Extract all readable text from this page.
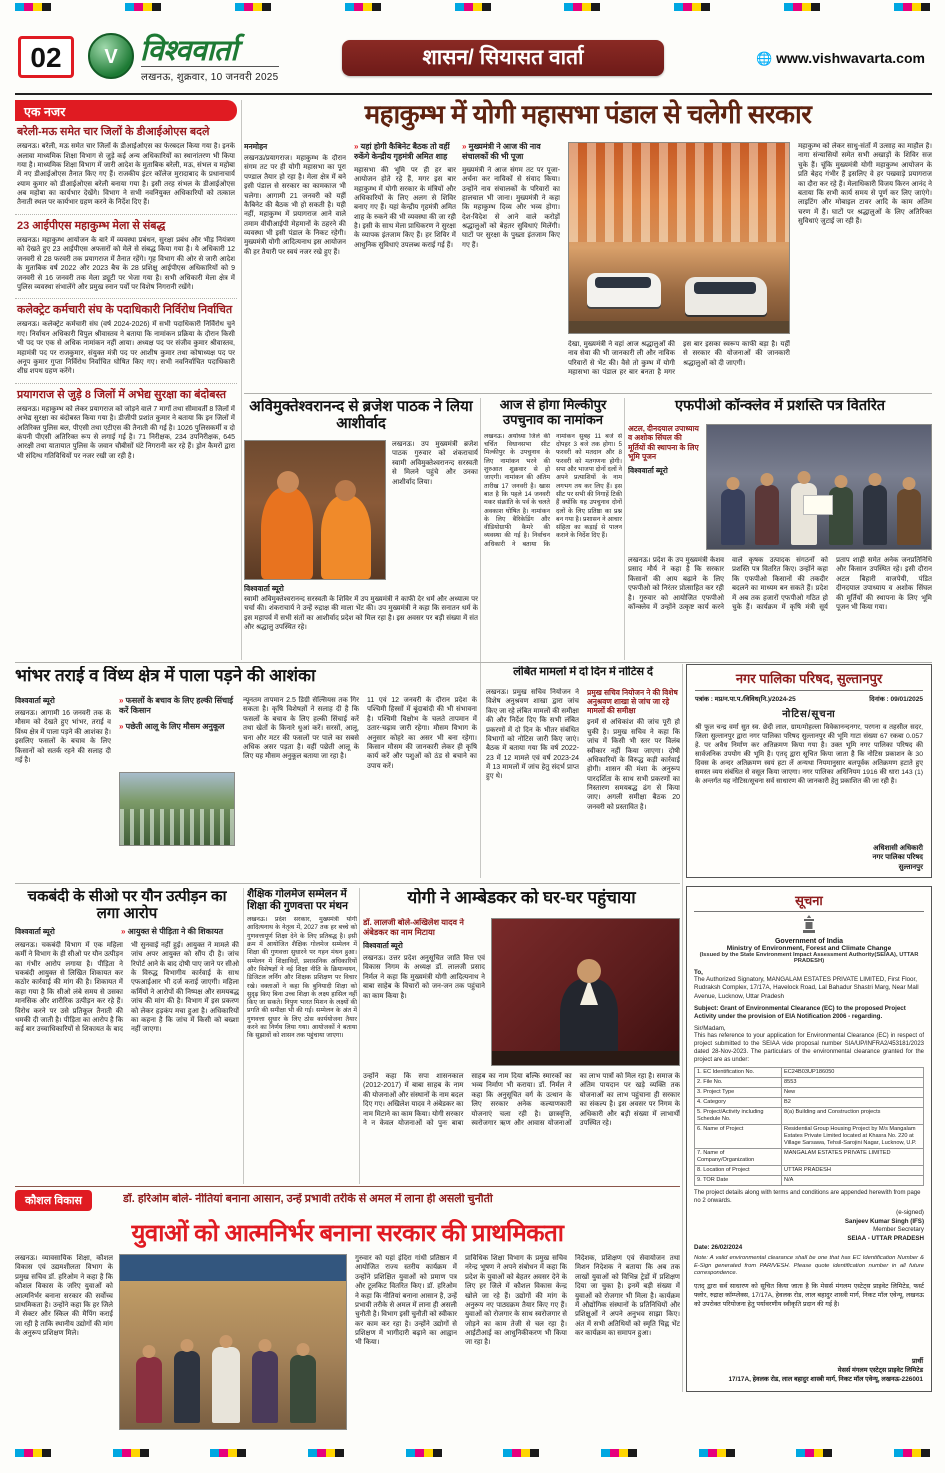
02	V विश्ववार्ता
लखनऊ, शुक्रवार, 10 जनवरी 2025
शासन/ सियासत वार्ता	🌐 www.vishwavarta.com
एक नजर
बरेली-मऊ समेत चार जिलों के डीआईओएस बदले
लखनऊ। बरेली, मऊ समेत चार जिलों के डीआईओएस का फेरबदल किया गया है। इनके अलावा माध्यमिक शिक्षा विभाग से जुड़े कई अन्य अधिकारियों का स्थानांतरण भी किया गया है। माध्यमिक शिक्षा विभाग में जारी आदेश के मुताबिक बरेली, मऊ, संभल व महोबा में नए डीआईओएस तैनात किए गए हैं। राजकीय इंटर कॉलेज मुरादाबाद के प्रधानाचार्य श्याम कुमार को डीआईओएस बरेली बनाया गया है। इसी तरह संभल के डीआईओएस अब महोबा का कार्यभार देखेंगे। विभाग ने सभी नवनियुक्त अधिकारियों को तत्काल तैनाती स्थल पर कार्यभार ग्रहण करने के निर्देश दिए हैं।
23 आईपीएस महाकुम्भ मेला से संबद्ध
लखनऊ। महाकुम्भ आयोजन के बारे में व्यवस्था प्रबंधन, सुरक्षा प्रबंध और भीड़ नियंत्रण को देखते हुए 23 आईपीएस अफसरों को मेले से संबद्ध किया गया है। ये अधिकारी 12 जनवरी से 28 फरवरी तक प्रयागराज में तैनात रहेंगे। गृह विभाग की ओर से जारी आदेश के मुताबिक वर्ष 2022 और 2023 बैच के 28 प्रशिक्षु आईपीएस अधिकारियों को 9 जनवरी से 16 जनवरी तक मेला ड्यूटी पर भेजा गया है। सभी अधिकारी मेला क्षेत्र में पुलिस व्यवस्था संभालेंगे और प्रमुख स्नान पर्वों पर विशेष निगरानी रखेंगे।
कलेक्ट्रेट कर्मचारी संघ के पदाधिकारी निर्विरोध निर्वाचित
लखनऊ। कलेक्ट्रेट कर्मचारी संघ (वर्ष 2024-2026) में सभी पदाधिकारी निर्विरोध चुने गए। निर्वाचन अधिकारी विपुल श्रीवास्तव ने बताया कि नामांकन प्रक्रिया के दौरान किसी भी पद पर एक से अधिक नामांकन नहीं आया। अध्यक्ष पद पर संजीव कुमार श्रीवास्तव, महामंत्री पद पर राजकुमार, संयुक्त मंत्री पद पर आशीष कुमार तथा कोषाध्यक्ष पद पर अनूप कुमार गुप्ता निर्विरोध निर्वाचित घोषित किए गए। सभी नवनिर्वाचित पदाधिकारी शीघ्र शपथ ग्रहण करेंगे।
प्रयागराज से जुड़े 8 जिलों में अभेद्य सुरक्षा का बंदोबस्त
लखनऊ। महाकुम्भ को लेकर प्रयागराज को जोड़ने वाले 7 मार्गों तथा सीमावर्ती 8 जिलों में अभेद्य सुरक्षा का बंदोबस्त किया गया है। डीजीपी प्रशांत कुमार ने बताया कि इन जिलों में अतिरिक्त पुलिस बल, पीएसी तथा एटीएस की तैनाती की गई है। 1026 पुलिसकर्मी व दो कंपनी पीएसी अतिरिक्त रूप से लगाई गई है। 71 निरीक्षक, 234 उपनिरीक्षक, 645 आरक्षी तथा यातायात पुलिस के जवान चौबीसों घंटे निगरानी कर रहे हैं। ड्रोन कैमरों द्वारा भी संदिग्ध गतिविधियों पर नजर रखी जा रही है।
महाकुम्भ में योगी महासभा पंडाल से चलेगी सरकार
मनमोहन
लखनऊ/प्रयागराज। महाकुम्भ के दौरान संगम तट पर ही योगी महासभा का पूरा पण्डाल तैयार हो रहा है। मेला क्षेत्र में बने इसी पंडाल से सरकार का कामकाज भी चलेगा। आगामी 21 जनवरी को यहीं कैबिनेट की बैठक भी हो सकती है। यही नहीं, महाकुम्भ में प्रयागराज आने वाले तमाम वीवीआईपी मेहमानों के ठहरने की व्यवस्था भी इसी पंडाल के निकट रहेगी। मुख्यमंत्री योगी आदित्यनाथ इस आयोजन की हर तैयारी पर स्वयं नजर रखे हुए हैं।
» यहां होगी कैबिनेट बैठक तो वहीं रुकेंगे केन्द्रीय गृहमंत्री अमित शाह
महासभा की भूमि पर ही हर बार आयोजन होते रहे हैं, मगर इस बार महाकुम्भ में योगी सरकार के मंत्रियों और अधिकारियों के लिए अलग से शिविर बनाए गए हैं। यहां केन्द्रीय गृहमंत्री अमित शाह के रुकने की भी व्यवस्था की जा रही है। इसी के साथ मेला प्राधिकरण ने सुरक्षा के व्यापक इंतजाम किए हैं। हर शिविर में आधुनिक सुविधाएं उपलब्ध कराई गई हैं।
» मुख्यमंत्री ने आज की नाव संचालकों की भी पूजा
मुख्यमंत्री ने आज संगम तट पर पूजा-अर्चना कर नाविकों से संवाद किया। उन्होंने नाव संचालकों के परिवारों का हालचाल भी जाना। मुख्यमंत्री ने कहा कि महाकुम्भ दिव्य और भव्य होगा। देश-विदेश से आने वाले करोड़ों श्रद्धालुओं को बेहतर सुविधाएं मिलेंगी। घाटों पर सुरक्षा के पुख्ता इंतजाम किए गए हैं।
महाकुम्भ को लेकर साधु-संतों में उत्साह का माहौल है। नागा संन्यासियों समेत सभी अखाड़ों के शिविर सज चुके हैं। चूंकि मुख्यमंत्री योगी महाकुम्भ आयोजन के प्रति बेहद गंभीर हैं इसलिए वे हर पखवाड़े प्रयागराज का दौरा कर रहे हैं। मेलाधिकारी विजय किरन आनंद ने बताया कि सभी कार्य समय से पूर्ण कर लिए जाएंगे। लाइटिंग और मोबाइल टावर आदि के काम अंतिम चरण में हैं। घाटों पर श्रद्धालुओं के लिए अतिरिक्त सुविधाएं जुटाई जा रही हैं।
देखा, मुख्यमंत्री ने वहां आज श्रद्धालुओं की नाव सेवा की भी जानकारी ली और नाविक परिवारों से भेंट की। वैसे तो कुम्भ में योगी महासभा का पंडाल हर बार बनता है मगर इस बार इसका स्वरूप काफी बड़ा है। यहीं से सरकार की योजनाओं की जानकारी श्रद्धालुओं को दी जाएगी।
अविमुक्तेश्वरानन्द से ब्रजेश पाठक ने लिया आशीर्वाद
लखनऊ। उप मुख्यमंत्री ब्रजेश पाठक गुरुवार को शंकराचार्य स्वामी अविमुक्तेश्वरानन्द सरस्वती से मिलने पहुंचे और उनका आशीर्वाद लिया।
विश्ववार्ता ब्यूरो
स्वामी अविमुक्तेश्वरानन्द सरस्वती के शिविर में उप मुख्यमंत्री ने काफी देर धर्म और अध्यात्म पर चर्चा की। शंकराचार्य ने उन्हें रुद्राक्ष की माला भेंट की। उप मुख्यमंत्री ने कहा कि सनातन धर्म के इस महापर्व में सभी संतों का आशीर्वाद प्रदेश को मिल रहा है। इस अवसर पर बड़ी संख्या में संत और श्रद्धालु उपस्थित रहे।
आज से होगा मिल्कीपुर उपचुनाव का नामांकन
लखनऊ। अयोध्या जिले की चर्चित विधानसभा सीट मिल्कीपुर के उपचुनाव के लिए नामांकन भरने की शुरुआत शुक्रवार से हो जाएगी। नामांकन की अंतिम तारीख 17 जनवरी है। खास बात है कि पहले 14 जनवरी मकर संक्रांति के पर्व के चलते अवकाश घोषित है। नामांकन के लिए बैरिकेडिंग और वीडियोग्राफी कैमरे की व्यवस्था की गई है। निर्वाचन अधिकारी ने बताया कि नामांकन सुबह 11 बजे से दोपहर 3 बजे तक होगा। 5 फरवरी को मतदान और 8 फरवरी को मतगणना होगी। सपा और भाजपा दोनों दलों ने अपने प्रत्याशियों के नाम लगभग तय कर लिए हैं। इस सीट पर सभी की निगाहें टिकी हैं क्योंकि यह उपचुनाव दोनों दलों के लिए प्रतिष्ठा का प्रश्न बन गया है। प्रशासन ने आचार संहिता का कड़ाई से पालन कराने के निर्देश दिए हैं।
एफपीओ कॉन्क्लेव में प्रशस्ति पत्र वितरित
अटल, दीनदयाल उपाध्याय व अशोक सिंघल की मूर्तियों की स्थापना के लिए भूमि पूजन
विश्ववार्ता ब्यूरो
लखनऊ। प्रदेश के उप मुख्यमंत्री केशव प्रसाद मौर्य ने कहा है कि सरकार किसानों की आय बढ़ाने के लिए एफपीओ को निरंतर प्रोत्साहित कर रही है। गुरुवार को आयोजित एफपीओ कॉन्क्लेव में उन्होंने उत्कृष्ट कार्य करने वाले कृषक उत्पादक संगठनों को प्रशस्ति पत्र वितरित किए। उन्होंने कहा कि एफपीओ किसानों की तकदीर बदलने का माध्यम बन सकते हैं। प्रदेश में अब तक हजारों एफपीओ गठित हो चुके हैं। कार्यक्रम में कृषि मंत्री सूर्य प्रताप शाही समेत अनेक जनप्रतिनिधि और किसान उपस्थित रहे। इसी दौरान अटल बिहारी वाजपेयी, पंडित दीनदयाल उपाध्याय व अशोक सिंघल की मूर्तियों की स्थापना के लिए भूमि पूजन भी किया गया।
भांभर तराई व विंध्य क्षेत्र में पाला पड़ने की आशंका
विश्ववार्ता ब्यूरो
लखनऊ। आगामी 16 जनवरी तक के मौसम को देखते हुए भांभर, तराई व विंध्य क्षेत्र में पाला पड़ने की आशंका है। इसलिए फसलों के बचाव के लिए किसानों को सतर्क रहने की सलाह दी गई है।
» फसलों के बचाव के लिए हल्की सिंचाई करें किसान
» पछेती आलू के लिए मौसम अनुकूल
न्यूनतम तापमान 2.5 डिग्री सेल्सियस तक गिर सकता है। कृषि विशेषज्ञों ने सलाह दी है कि फसलों के बचाव के लिए हल्की सिंचाई करें तथा खेतों के किनारे धुआं करें। सरसों, आलू, चना और मटर की फसलों पर पाले का सबसे अधिक असर पड़ता है। वहीं पछेती आलू के लिए यह मौसम अनुकूल बताया जा रहा है।
11 एवं 12 जनवरी के दौरान प्रदेश के पश्चिमी हिस्सों में बूंदाबांदी की भी संभावना है। पश्चिमी विक्षोभ के चलते तापमान में उतार-चढ़ाव जारी रहेगा। मौसम विभाग के अनुसार कोहरे का असर भी बना रहेगा। किसान मौसम की जानकारी लेकर ही कृषि कार्य करें और पशुओं को ठंड से बचाने का उपाय करें।
लंबित मामलों में दो दिन में नोटिस दें
लखनऊ। प्रमुख सचिव नियोजन ने विशेष अनुश्रवण शाखा द्वारा जांच किए जा रहे लंबित मामलों की समीक्षा की और निर्देश दिए कि सभी लंबित प्रकरणों में दो दिन के भीतर संबंधित विभागों को नोटिस जारी किए जाएं। बैठक में बताया गया कि वर्ष 2022-23 में 12 मामले एवं वर्ष 2023-24 में 13 मामलों में जांच हेतु संदर्भ प्राप्त हुए थे।
प्रमुख सचिव नियोजन ने की विशेष अनुश्रवण शाखा से जांच जा रहे मामलों की समीक्षा
इनमें से अधिकांश की जांच पूरी हो चुकी है। प्रमुख सचिव ने कहा कि जांच में किसी भी स्तर पर विलंब स्वीकार नहीं किया जाएगा। दोषी अधिकारियों के विरुद्ध कड़ी कार्रवाई होगी। शासन की मंशा के अनुरूप पारदर्शिता के साथ सभी प्रकरणों का निस्तारण समयबद्ध ढंग से किया जाए। अगली समीक्षा बैठक 20 जनवरी को प्रस्तावित है।
नगर पालिका परिषद, सुल्तानपुर
पत्रांक : मप्र/न.पा.प./विविध(नि.)/2024-25	दिनांक : 09/01/2025
नोटिस/सूचना
श्री फूल चन्द्र वर्मा सुत स्व. छेदी लाल, ग्राम/मोहल्ला विवेकानन्दनगर, परगना व तहसील सदर, जिला सुल्तानपुर द्वारा नगर पालिका परिषद सुल्तानपुर की भूमि गाटा संख्या 67 रकबा 0.057 हे. पर अवैध निर्माण कर अतिक्रमण किया गया है। उक्त भूमि नगर पालिका परिषद की सार्वजनिक उपयोग की भूमि है। एतद् द्वारा सूचित किया जाता है कि नोटिस प्रकाशन के 30 दिवस के अन्दर अतिक्रमण स्वयं हटा लें अन्यथा नियमानुसार बलपूर्वक अतिक्रमण हटाते हुए समस्त व्यय संबंधित से वसूल किया जाएगा। नगर पालिका अधिनियम 1916 की धारा 143 (1) के अन्तर्गत यह नोटिस/सूचना सर्व साधारण की जानकारी हेतु प्रकाशित की जा रही है।
अधिशासी अधिकारी
नगर पालिका परिषद
सुल्तानपुर
चकबंदी के सीओ पर यौन उत्पीड़न का लगा आरोप
विश्ववार्ता ब्यूरो	» आयुक्त से पीड़िता ने की शिकायत
लखनऊ। चकबंदी विभाग में एक महिला कर्मी ने विभाग के ही सीओ पर यौन उत्पीड़न का गंभीर आरोप लगाया है। पीड़िता ने चकबंदी आयुक्त से लिखित शिकायत कर कठोर कार्रवाई की मांग की है। शिकायत में कहा गया है कि सीओ लंबे समय से उसका मानसिक और शारीरिक उत्पीड़न कर रहे हैं। विरोध करने पर उसे प्रतिकूल तैनाती की धमकी दी जाती है। पीड़िता का आरोप है कि कई बार उच्चाधिकारियों से शिकायत के बाद भी सुनवाई नहीं हुई। आयुक्त ने मामले की जांच अपर आयुक्त को सौंप दी है। जांच रिपोर्ट आने के बाद दोषी पाए जाने पर सीओ के विरुद्ध विभागीय कार्रवाई के साथ एफआईआर भी दर्ज कराई जाएगी। महिला कर्मियों ने आरोपों की निष्पक्ष और समयबद्ध जांच की मांग की है। विभाग में इस प्रकरण को लेकर हड़कंप मचा हुआ है। अधिकारियों का कहना है कि जांच में किसी को बख्शा नहीं जाएगा।
शैक्षिक गोलमेज सम्मेलन में शिक्षा की गुणवत्ता पर मंथन
लखनऊ। प्रदेश सरकार, मुख्यमंत्री योगी आदित्यनाथ के नेतृत्व में, 2027 तक हर बच्चे को गुणवत्तापूर्ण शिक्षा देने के लिए प्रतिबद्ध है। इसी क्रम में आयोजित शैक्षिक गोलमेज सम्मेलन में शिक्षा की गुणवत्ता सुधारने पर गहन मंथन हुआ। सम्मेलन में शिक्षाविदों, प्रशासनिक अधिकारियों और विशेषज्ञों ने नई शिक्षा नीति के क्रियान्वयन, डिजिटल लर्निंग और शिक्षक प्रशिक्षण पर विचार रखे। वक्ताओं ने कहा कि बुनियादी शिक्षा को सुदृढ़ किए बिना उच्च शिक्षा के लक्ष्य हासिल नहीं किए जा सकते। निपुण भारत मिशन के लक्ष्यों की प्रगति की समीक्षा भी की गई। सम्मेलन के अंत में गुणवत्ता सुधार के लिए ठोस कार्ययोजना तैयार करने का निर्णय लिया गया। आयोजकों ने बताया कि सुझावों को शासन तक पहुंचाया जाएगा।
योगी ने आम्बेडकर को घर-घर पहुंचाया
डॉ. लालजी बोले-अखिलेश यादव ने अंबेडकर का नाम मिटाया
विश्ववार्ता ब्यूरो
लखनऊ। उत्तर प्रदेश अनुसूचित जाति वित्त एवं विकास निगम के अध्यक्ष डॉ. लालजी प्रसाद निर्मल ने कहा कि मुख्यमंत्री योगी आदित्यनाथ ने बाबा साहेब के विचारों को जन-जन तक पहुंचाने का काम किया है।
उन्होंने कहा कि सपा शासनकाल (2012-2017) में बाबा साहब के नाम की योजनाओं और संस्थानों के नाम बदल दिए गए। अखिलेश यादव ने अंबेडकर का नाम मिटाने का काम किया। योगी सरकार ने न केवल योजनाओं को पुनः बाबा साहब का नाम दिया बल्कि स्मारकों का भव्य निर्माण भी कराया। डॉ. निर्मल ने कहा कि अनुसूचित वर्ग के उत्थान के लिए सरकार अनेक कल्याणकारी योजनाएं चला रही है। छात्रवृत्ति, स्वरोजगार ऋण और आवास योजनाओं का लाभ पात्रों को मिल रहा है। समाज के अंतिम पायदान पर खड़े व्यक्ति तक योजनाओं का लाभ पहुंचाना ही सरकार का संकल्प है। इस अवसर पर निगम के अधिकारी और बड़ी संख्या में लाभार्थी उपस्थित रहे।
सूचना
Government of India
Ministry of Environment, Forest and Climate Change
(Issued by the State Environment Impact Assessment Authority(SEIAA), UTTAR PRADESH)
To,
The Authorized Signatory, MANGALAM ESTATES PRIVATE LIMITED, First Floor, Rudraksh Complex, 17/17A, Havelock Road, Lal Bahadur Shastri Marg, Near Mall Avenue, Lucknow, Uttar Pradesh
Subject: Grant of Environmental Clearance (EC) to the proposed Project Activity under the provision of EIA Notification 2006 - regarding.
Sir/Madam,
This has reference to your application for Environmental Clearance (EC) in respect of project submitted to the SEIAA vide proposal number SIA/UP/INFRA2/453181/2023 dated 28-Nov-2023. The particulars of the environmental clearance granted for the project are as under:
1. EC Identification No.	EC24B03UP186050
2. File No.	8553
3. Project Type	New
4. Category	B2
5. Project/Activity including Schedule No.	8(a) Building and Construction projects
6. Name of Project	Residential Group Housing Project by M/s Mangalam Estates Private Limited located at Khasra No. 220 at Village Sarsawa, Tehsil-Sarojini Nagar, Lucknow, U.P.
7. Name of Company/Organization	MANGALAM ESTATES PRIVATE LIMITED
8. Location of Project	UTTAR PRADESH
9. TOR Date	N/A
The project details along with terms and conditions are appended herewith from page no 2 onwards.
(e-signed)
Sanjeev Kumar Singh (IFS)
Member Secretary
SEIAA - UTTAR PRADESH
Date: 26/02/2024
Note: A valid environmental clearance shall be one that has EC Identification Number & E-Sign generated from PARIVESH. Please quote identification number in all future correspondence.
एतद् द्वारा सर्व साधारण को सूचित किया जाता है कि मेसर्स मंगलम एस्टेट्स प्राइवेट लिमिटेड, फर्स्ट फ्लोर, रुद्राक्ष कॉम्प्लेक्स, 17/17A, हेवलक रोड, लाल बहादुर शास्त्री मार्ग, निकट मॉल एवेन्यू, लखनऊ को उपरोक्त परियोजना हेतु पर्यावरणीय स्वीकृति प्रदान की गई है।
प्रार्थी
मेसर्स मंगलम एस्टेट्स प्राइवेट लिमिटेड
17/17A, हेवलक रोड, लाल बहादुर शास्त्री मार्ग, निकट मॉल एवेन्यू, लखनऊ-226001
कौशल विकास	डॉ. हरिओम बोले- नीतियां बनाना आसान, उन्हें प्रभावी तरीके से अमल में लाना ही असली चुनौती
युवाओं को आत्मनिर्भर बनाना सरकार की प्राथमिकता
लखनऊ। व्यावसायिक शिक्षा, कौशल विकास एवं उद्यमशीलता विभाग के प्रमुख सचिव डॉ. हरिओम ने कहा है कि कौशल विकास के जरिए युवाओं को आत्मनिर्भर बनाना सरकार की सर्वोच्च प्राथमिकता है। उन्होंने कहा कि हर जिले में सेक्टर और स्किल की मैपिंग कराई जा रही है ताकि स्थानीय उद्योगों की मांग के अनुरूप प्रशिक्षण मिले।
गुरुवार को यहां इंदिरा गांधी प्रतिष्ठान में आयोजित राज्य स्तरीय कार्यक्रम में उन्होंने प्रशिक्षित युवाओं को प्रमाण पत्र और टूलकिट वितरित किए। डॉ. हरिओम ने कहा कि नीतियां बनाना आसान है, उन्हें प्रभावी तरीके से अमल में लाना ही असली चुनौती है। विभाग इसी चुनौती को स्वीकार कर काम कर रहा है। उन्होंने उद्योगों से प्रशिक्षण में भागीदारी बढ़ाने का आह्वान भी किया।
प्राविधिक शिक्षा विभाग के प्रमुख सचिव नरेन्द्र भूषण ने अपने संबोधन में कहा कि प्रदेश के युवाओं को बेहतर अवसर देने के लिए हर जिले में कौशल विकास केन्द्र खोले जा रहे हैं। उद्योगों की मांग के अनुरूप नए पाठ्यक्रम तैयार किए गए हैं। युवाओं को रोजगार के साथ स्वरोजगार से जोड़ने का काम तेजी से चल रहा है। आईटीआई का आधुनिकीकरण भी किया जा रहा है।
निदेशक, प्रशिक्षण एवं सेवायोजन तथा मिशन निदेशक ने बताया कि अब तक लाखों युवाओं को विभिन्न ट्रेडों में प्रशिक्षण दिया जा चुका है। इनमें बड़ी संख्या में युवाओं को रोजगार भी मिला है। कार्यक्रम में औद्योगिक संस्थानों के प्रतिनिधियों और प्रशिक्षुओं ने अपने अनुभव साझा किए। अंत में सभी अतिथियों को स्मृति चिह्न भेंट कर कार्यक्रम का समापन हुआ।
